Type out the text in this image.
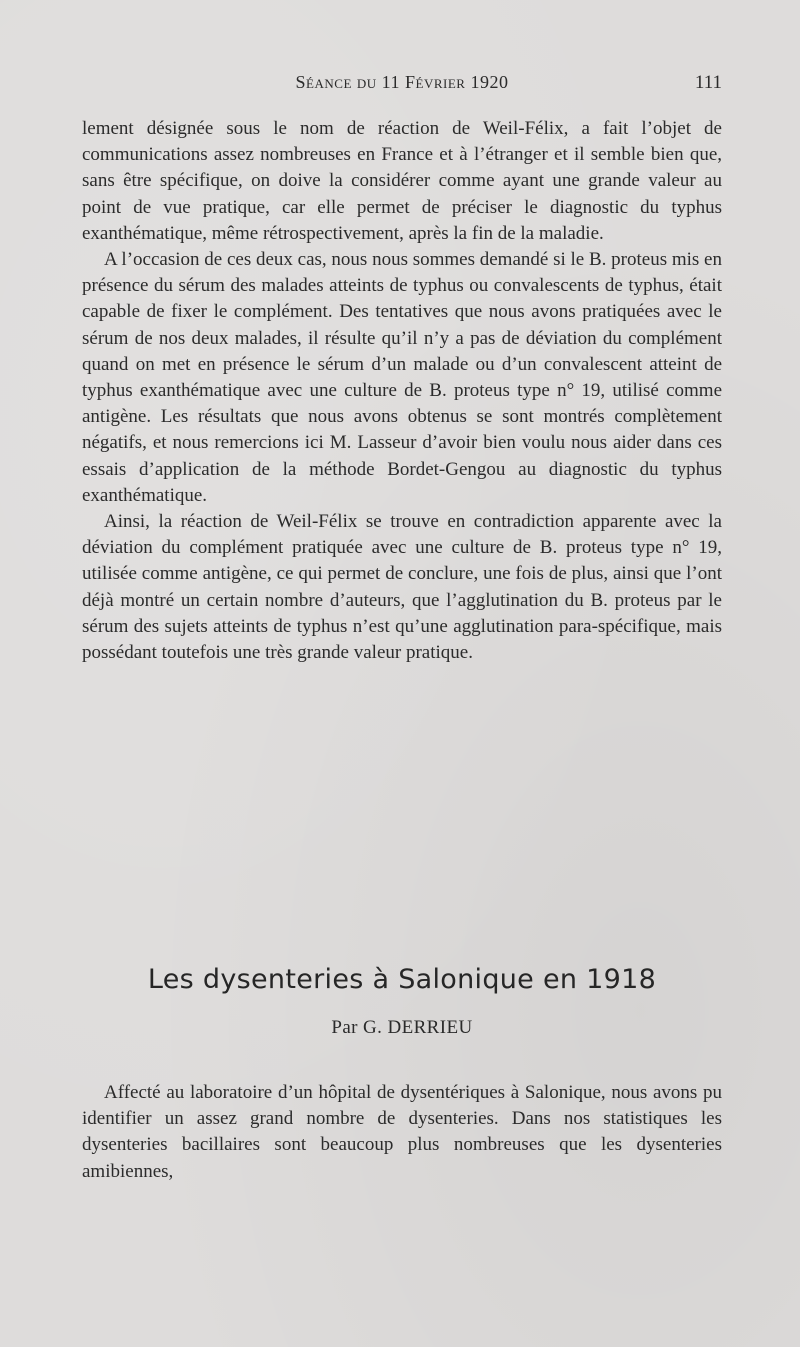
Séance du 11 Février 1920	111

lement désignée sous le nom de réaction de Weil-Félix, a fait l’objet de communications assez nombreuses en France et à l’étranger et il semble bien que, sans être spécifique, on doive la considérer comme ayant une grande valeur au point de vue pratique, car elle permet de préciser le diagnostic du typhus exanthématique, même rétrospectivement, après la fin de la maladie.

A l’occasion de ces deux cas, nous nous sommes demandé si le B. proteus mis en présence du sérum des malades atteints de typhus ou convalescents de typhus, était capable de fixer le complément. Des tentatives que nous avons pratiquées avec le sérum de nos deux malades, il résulte qu’il n’y a pas de déviation du complément quand on met en présence le sérum d’un malade ou d’un convalescent atteint de typhus exanthématique avec une culture de B. proteus type n° 19, utilisé comme antigène. Les résultats que nous avons obtenus se sont montrés complètement négatifs, et nous remercions ici M. Lasseur d’avoir bien voulu nous aider dans ces essais d’application de la méthode Bordet-Gengou au diagnostic du typhus exanthématique.

Ainsi, la réaction de Weil-Félix se trouve en contradiction apparente avec la déviation du complément pratiquée avec une culture de B. proteus type n° 19, utilisée comme antigène, ce qui permet de conclure, une fois de plus, ainsi que l’ont déjà montré un certain nombre d’auteurs, que l’agglutination du B. proteus par le sérum des sujets atteints de typhus n’est qu’une agglutination para-spécifique, mais possédant toutefois une très grande valeur pratique.

Les dysenteries à Salonique en 1918

Par G. DERRIEU

Affecté au laboratoire d’un hôpital de dysentériques à Salonique, nous avons pu identifier un assez grand nombre de dysenteries. Dans nos statistiques les dysenteries bacillaires sont beaucoup plus nombreuses que les dysenteries amibiennes,
